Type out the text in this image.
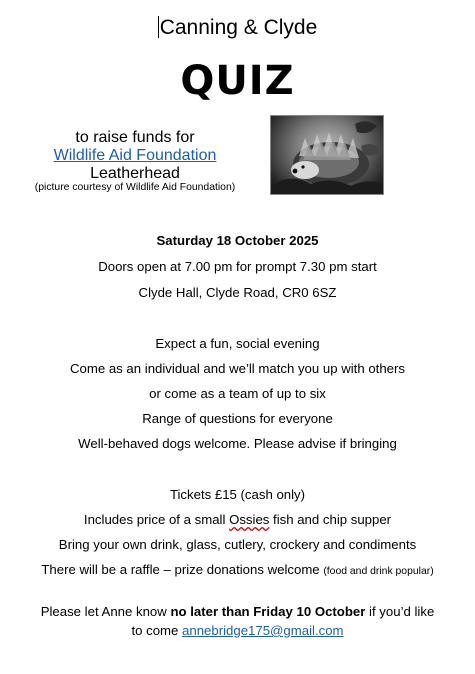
Canning & Clyde
QUIZ
to raise funds for
Wildlife Aid Foundation
Leatherhead
(picture courtesy of Wildlife Aid Foundation)
Saturday 18 October 2025
Doors open at 7.00 pm for prompt 7.30 pm start
Clyde Hall, Clyde Road, CR0 6SZ
Expect a fun, social evening
Come as an individual and we’ll match you up with others
or come as a team of up to six
Range of questions for everyone
Well-behaved dogs welcome. Please advise if bringing
Tickets £15 (cash only)
Includes price of a small Ossies fish and chip supper
Bring your own drink, glass, cutlery, crockery and condiments
There will be a raffle – prize donations welcome (food and drink popular)
Please let Anne know no later than Friday 10 October if you’d like
to come annebridge175@gmail.com
